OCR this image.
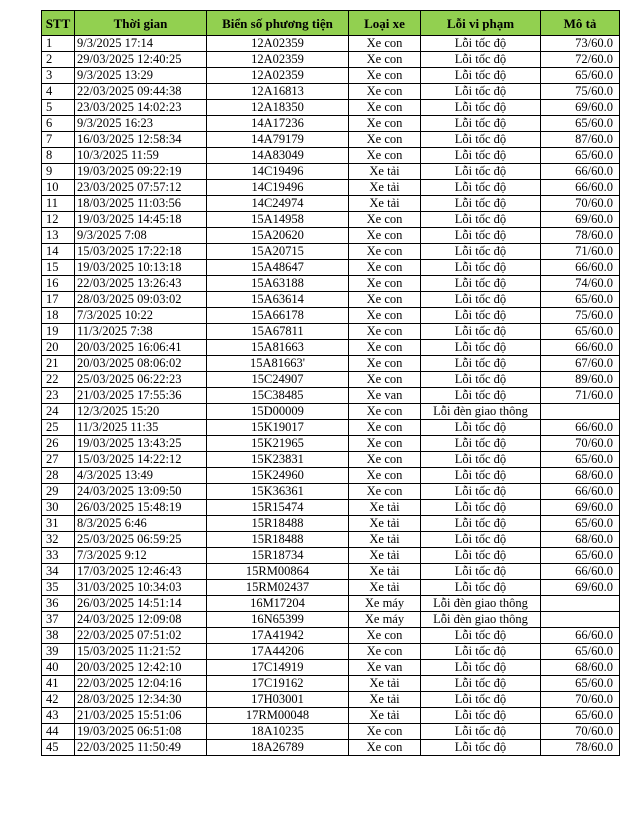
STT	Thời gian	Biển số phương tiện	Loại xe	Lỗi vi phạm	Mô tả
1	9/3/2025 17:14	12A02359	Xe con	Lỗi tốc độ	73/60.0
2	29/03/2025 12:40:25	12A02359	Xe con	Lỗi tốc độ	72/60.0
3	9/3/2025 13:29	12A02359	Xe con	Lỗi tốc độ	65/60.0
4	22/03/2025 09:44:38	12A16813	Xe con	Lỗi tốc độ	75/60.0
5	23/03/2025 14:02:23	12A18350	Xe con	Lỗi tốc độ	69/60.0
6	9/3/2025 16:23	14A17236	Xe con	Lỗi tốc độ	65/60.0
7	16/03/2025 12:58:34	14A79179	Xe con	Lỗi tốc độ	87/60.0
8	10/3/2025 11:59	14A83049	Xe con	Lỗi tốc độ	65/60.0
9	19/03/2025 09:22:19	14C19496	Xe tải	Lỗi tốc độ	66/60.0
10	23/03/2025 07:57:12	14C19496	Xe tải	Lỗi tốc độ	66/60.0
11	18/03/2025 11:03:56	14C24974	Xe tải	Lỗi tốc độ	70/60.0
12	19/03/2025 14:45:18	15A14958	Xe con	Lỗi tốc độ	69/60.0
13	9/3/2025 7:08	15A20620	Xe con	Lỗi tốc độ	78/60.0
14	15/03/2025 17:22:18	15A20715	Xe con	Lỗi tốc độ	71/60.0
15	19/03/2025 10:13:18	15A48647	Xe con	Lỗi tốc độ	66/60.0
16	22/03/2025 13:26:43	15A63188	Xe con	Lỗi tốc độ	74/60.0
17	28/03/2025 09:03:02	15A63614	Xe con	Lỗi tốc độ	65/60.0
18	7/3/2025 10:22	15A66178	Xe con	Lỗi tốc độ	75/60.0
19	11/3/2025 7:38	15A67811	Xe con	Lỗi tốc độ	65/60.0
20	20/03/2025 16:06:41	15A81663	Xe con	Lỗi tốc độ	66/60.0
21	20/03/2025 08:06:02	15A81663'	Xe con	Lỗi tốc độ	67/60.0
22	25/03/2025 06:22:23	15C24907	Xe con	Lỗi tốc độ	89/60.0
23	21/03/2025 17:55:36	15C38485	Xe van	Lỗi tốc độ	71/60.0
24	12/3/2025 15:20	15D00009	Xe con	Lỗi đèn giao thông	
25	11/3/2025 11:35	15K19017	Xe con	Lỗi tốc độ	66/60.0
26	19/03/2025 13:43:25	15K21965	Xe con	Lỗi tốc độ	70/60.0
27	15/03/2025 14:22:12	15K23831	Xe con	Lỗi tốc độ	65/60.0
28	4/3/2025 13:49	15K24960	Xe con	Lỗi tốc độ	68/60.0
29	24/03/2025 13:09:50	15K36361	Xe con	Lỗi tốc độ	66/60.0
30	26/03/2025 15:48:19	15R15474	Xe tải	Lỗi tốc độ	69/60.0
31	8/3/2025 6:46	15R18488	Xe tải	Lỗi tốc độ	65/60.0
32	25/03/2025 06:59:25	15R18488	Xe tải	Lỗi tốc độ	68/60.0
33	7/3/2025 9:12	15R18734	Xe tải	Lỗi tốc độ	65/60.0
34	17/03/2025 12:46:43	15RM00864	Xe tải	Lỗi tốc độ	66/60.0
35	31/03/2025 10:34:03	15RM02437	Xe tải	Lỗi tốc độ	69/60.0
36	26/03/2025 14:51:14	16M17204	Xe máy	Lỗi đèn giao thông	
37	24/03/2025 12:09:08	16N65399	Xe máy	Lỗi đèn giao thông	
38	22/03/2025 07:51:02	17A41942	Xe con	Lỗi tốc độ	66/60.0
39	15/03/2025 11:21:52	17A44206	Xe con	Lỗi tốc độ	65/60.0
40	20/03/2025 12:42:10	17C14919	Xe van	Lỗi tốc độ	68/60.0
41	22/03/2025 12:04:16	17C19162	Xe tải	Lỗi tốc độ	65/60.0
42	28/03/2025 12:34:30	17H03001	Xe tải	Lỗi tốc độ	70/60.0
43	21/03/2025 15:51:06	17RM00048	Xe tải	Lỗi tốc độ	65/60.0
44	19/03/2025 06:51:08	18A10235	Xe con	Lỗi tốc độ	70/60.0
45	22/03/2025 11:50:49	18A26789	Xe con	Lỗi tốc độ	78/60.0
